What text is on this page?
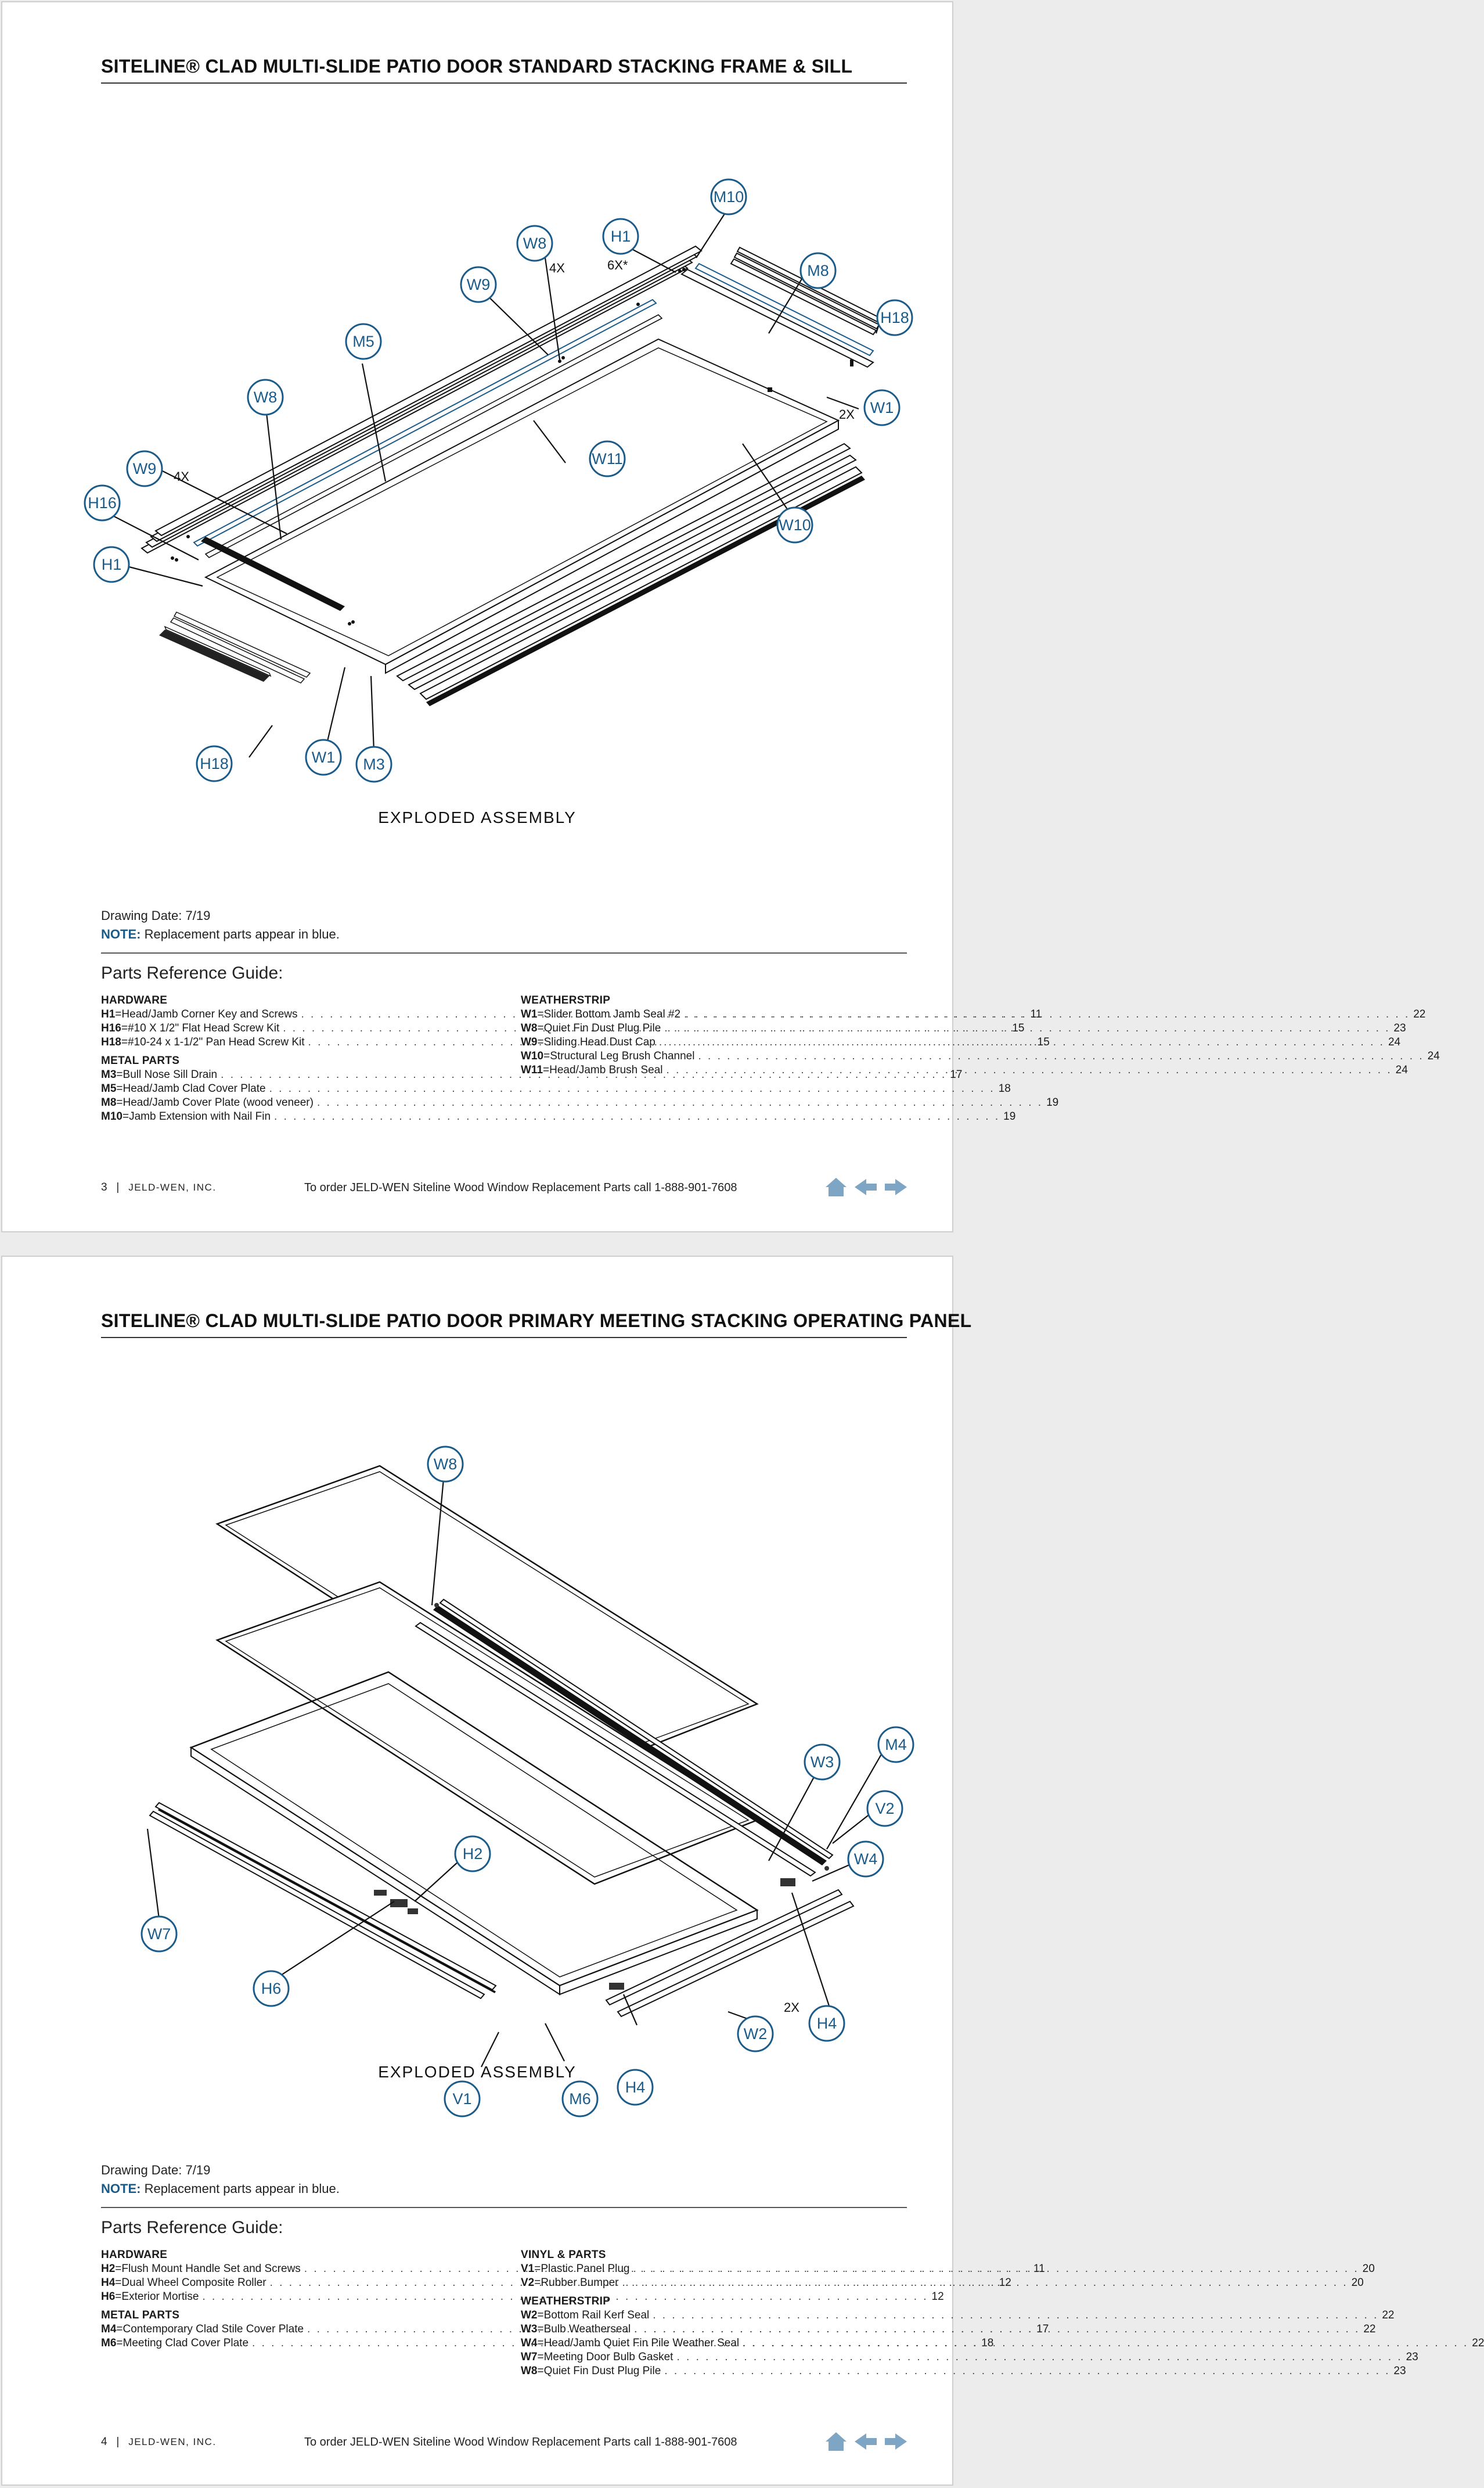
SITELINE® CLAD MULTI-SLIDE PATIO DOOR STANDARD STACKING FRAME & SILL
M10
H1
W8
W9
M8
H18
M5
W1
W8
W11
W9
W10
H16
H1
H18	W1 M3
4X	6X*
4X
2X
EXPLODED ASSEMBLY
Drawing Date: 7/19
NOTE: Replacement parts appear in blue.
Parts Reference Guide:
HARDWARE
H1 = Head/Jamb Corner Key and Screws . . .	11
H16 = #10 X 1/2" Flat Head Screw Kit . . .	15
H18 = #10-24 x 1-1/2" Pan Head Screw Kit . . .	15
METAL PARTS
M3 = Bull Nose Sill Drain . . .	17
M5 = Head/Jamb Clad Cover Plate . . .	18
M8 = Head/Jamb Cover Plate (wood veneer) . . .	19
M10 = Jamb Extension with Nail Fin . . .	19
WEATHERSTRIP
W1 = Slider Bottom Jamb Seal #2 . . .	22
W8 = Quiet Fin Dust Plug Pile . . .	23
W9 = Sliding Head Dust Cap . . .	24
W10 = Structural Leg Brush Channel . . .	24
W11 = Head/Jamb Brush Seal . . .	24
3 | JELD-WEN, INC.	To order JELD-WEN Siteline Wood Window Replacement Parts call 1-888-901-7608
SITELINE® CLAD MULTI-SLIDE PATIO DOOR PRIMARY MEETING STACKING OPERATING PANEL
W8
M4
W3
V2
W4
H2
W7
H6
H4
W2
H4
V1	M6
2X
EXPLODED ASSEMBLY
Drawing Date: 7/19
NOTE: Replacement parts appear in blue.
Parts Reference Guide:
HARDWARE
H2 = Flush Mount Handle Set and Screws . . .	11
H4 = Dual Wheel Composite Roller . . .	12
H6 = Exterior Mortise . . .	12
METAL PARTS
M4 = Contemporary Clad Stile Cover Plate . . .	17
M6 = Meeting Clad Cover Plate . . .	18
VINYL & PARTS
V1 = Plastic Panel Plug . . .	20
V2 = Rubber Bumper . . .	20
WEATHERSTRIP
W2 = Bottom Rail Kerf Seal . . .	22
W3 = Bulb Weatherseal . . .	22
W4 = Head/Jamb Quiet Fin Pile Weather Seal . . .	22
W7 = Meeting Door Bulb Gasket . . .	23
W8 = Quiet Fin Dust Plug Pile . . .	23
4 | JELD-WEN, INC.	To order JELD-WEN Siteline Wood Window Replacement Parts call 1-888-901-7608
